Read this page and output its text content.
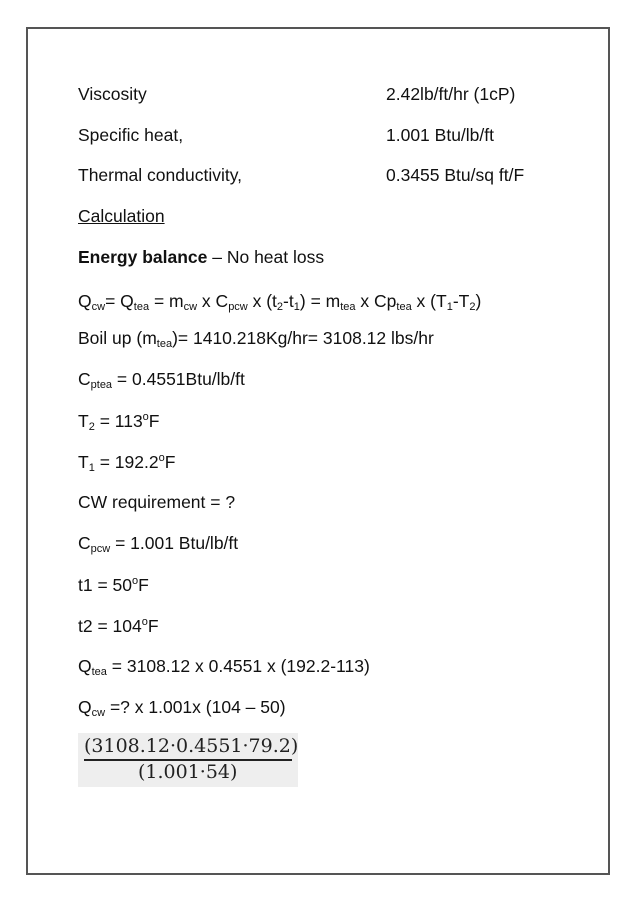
Viscosity	2.42lb/ft/hr (1cP)
Specific heat,	1.001 Btu/lb/ft
Thermal conductivity,	0.3455 Btu/sq ft/F
Calculation
Energy balance – No heat loss
$Q_{cw}= Q_{tea} = m_{cw}$ x $C_{pcw}$ x $(t_2-t_1) = m_{tea}$ x $Cp_{tea}$ x $(T_1-T_2)$
Boil up $(m_{tea})= 1410.218Kg/hr= 3108.12$ lbs/hr
$C_{ptea} = 0.4551Btu/lb/ft$
$T_2 = 113^oF$
$T_1 = 192.2^oF$
CW requirement = ?
$C_{pcw} = 1.001$ Btu/lb/ft
$t1 = 50^oF$
$t2 = 104^oF$
$Q_{tea} = 3108.12$ x 0.4551 x (192.2-113)
$Q_{cw}$ =? x 1.001x (104 – 50)
(3108.12·0.4551·79.2)
(1.001·54)
